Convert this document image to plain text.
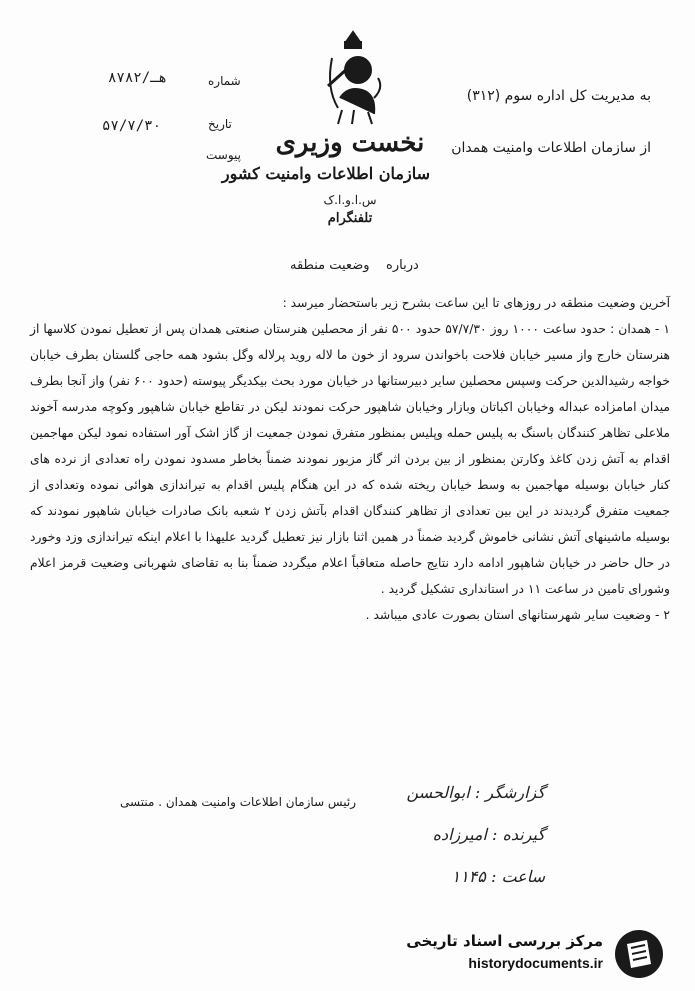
به مدیریت کل اداره سوم (۳۱۲)
از سازمان اطلاعات وامنیت همدان
شماره
۸۷۸۲/هـ
تاریخ
۵۷/۷/۳۰
پیوست نخست وزیری
سازمان اطلاعات وامنیت کشور
س.ا.و.ا.ک
تلفنگرام
درباره    وضعیت منطقه

آخرین وضعیت منطقه در روزهای تا این ساعت بشرح زیر باستحضار میرسد :

۱ - همدان : حدود ساعت ۱۰۰۰ روز ۵۷/۷/۳۰ حدود ۵۰۰ نفر از محصلین هنرستان صنعتی همدان پس از تعطیل نمودن کلاسها از هنرستان خارج واز مسیر خیابان فلاحت باخواندن سرود از خون ما لاله روید پرلاله وگل بشود همه حاجی گلستان بطرف خیابان خواجه رشیدالدین حرکت وسپس محصلین سایر دبیرستانها در خیابان مورد بحث بیکدیگر پیوسته (حدود ۶۰۰ نفر) واز آنجا بطرف میدان امامزاده عبداله وخیابان اکباتان وبازار وخیابان شاهپور حرکت نمودند لیکن در تقاطع خیابان شاهپور وکوچه مدرسه آخوند ملاعلی تظاهر کنندگان باسنگ به پلیس حمله وپلیس بمنظور متفرق نمودن جمعیت از گاز اشک آور استفاده نمود لیکن مهاجمین اقدام به آتش زدن کاغذ وکارتن بمنظور از بین بردن اثر گاز مزبور نمودند ضمناً بخاطر مسدود نمودن راه تعدادی از نرده های کنار خیابان بوسیله مهاجمین به وسط خیابان ریخته شده که در این هنگام پلیس اقدام به تیراندازی هوائی نموده وتعدادی از جمعیت متفرق گردیدند در این بین تعدادی از تظاهر کنندگان اقدام بآتش زدن ۲ شعبه بانک صادرات خیابان شاهپور نمودند که بوسیله ماشینهای آتش نشانی خاموش گردید ضمناً در همین اثنا بازار نیز تعطیل گردید علیهذا با اعلام اینکه تیراندازی وزد وخورد در حال حاضر در خیابان شاهپور ادامه دارد نتایج حاصله متعاقباً اعلام میگردد ضمناً بنا به تقاضای شهربانی وضعیت قرمز اعلام وشورای تامین در ساعت ۱۱ در استانداری تشکیل گردید .

۲ - وضعیت سایر شهرستانهای استان بصورت عادی میباشد .

رئیس سازمان اطلاعات وامنیت همدان . منتسی	گزارشگر : ابوالحسن
گیرنده : امیرزاده
ساعت : ۱۱۴۵
مرکز بررسی اسناد تاریخی
historydocuments.ir
